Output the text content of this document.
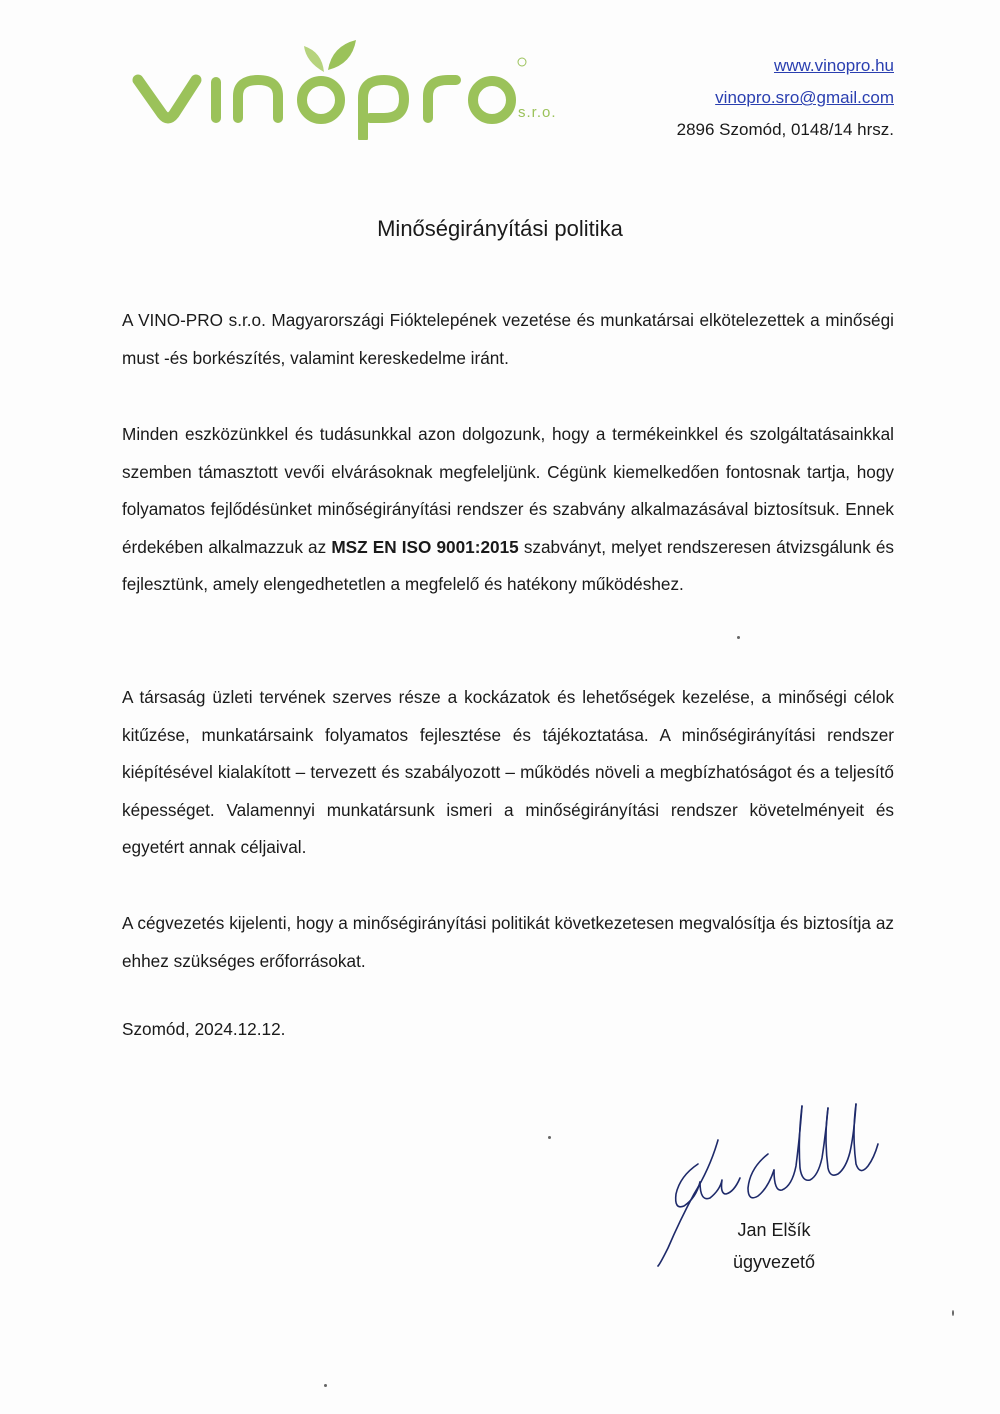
s.r.o.
www.vinopro.hu
vinopro.sro@gmail.com
2896 Szomód, 0148/14 hrsz.
Minőségirányítási politika

A VINO-PRO s.r.o. Magyarországi Fióktelepének vezetése és munkatársai elkötelezettek a minőségi must -és borkészítés, valamint kereskedelme iránt.

Minden eszközünkkel és tudásunkkal azon dolgozunk, hogy a termékeinkkel és szolgáltatásainkkal szemben támasztott vevői elvárásoknak megfeleljünk. Cégünk kiemelkedően fontosnak tartja, hogy folyamatos fejlődésünket minőségirányítási rendszer és szabvány alkalmazásával biztosítsuk. Ennek érdekében alkalmazzuk az MSZ EN ISO 9001:2015 szabványt, melyet rendszeresen átvizsgálunk és fejlesztünk, amely elengedhetetlen a megfelelő és hatékony működéshez.

A társaság üzleti tervének szerves része a kockázatok és lehetőségek kezelése, a minőségi célok kitűzése, munkatársaink folyamatos fejlesztése és tájékoztatása. A minőségirányítási rendszer kiépítésével kialakított – tervezett és szabályozott – működés növeli a megbízhatóságot és a teljesítő képességet. Valamennyi munkatársunk ismeri a minőségirányítási rendszer követelményeit és egyetért annak céljaival.

A cégvezetés kijelenti, hogy a minőségirányítási politikát következetesen megvalósítja és biztosítja az ehhez szükséges erőforrásokat.

Szomód, 2024.12.12.

Jan Elšík
ügyvezető
